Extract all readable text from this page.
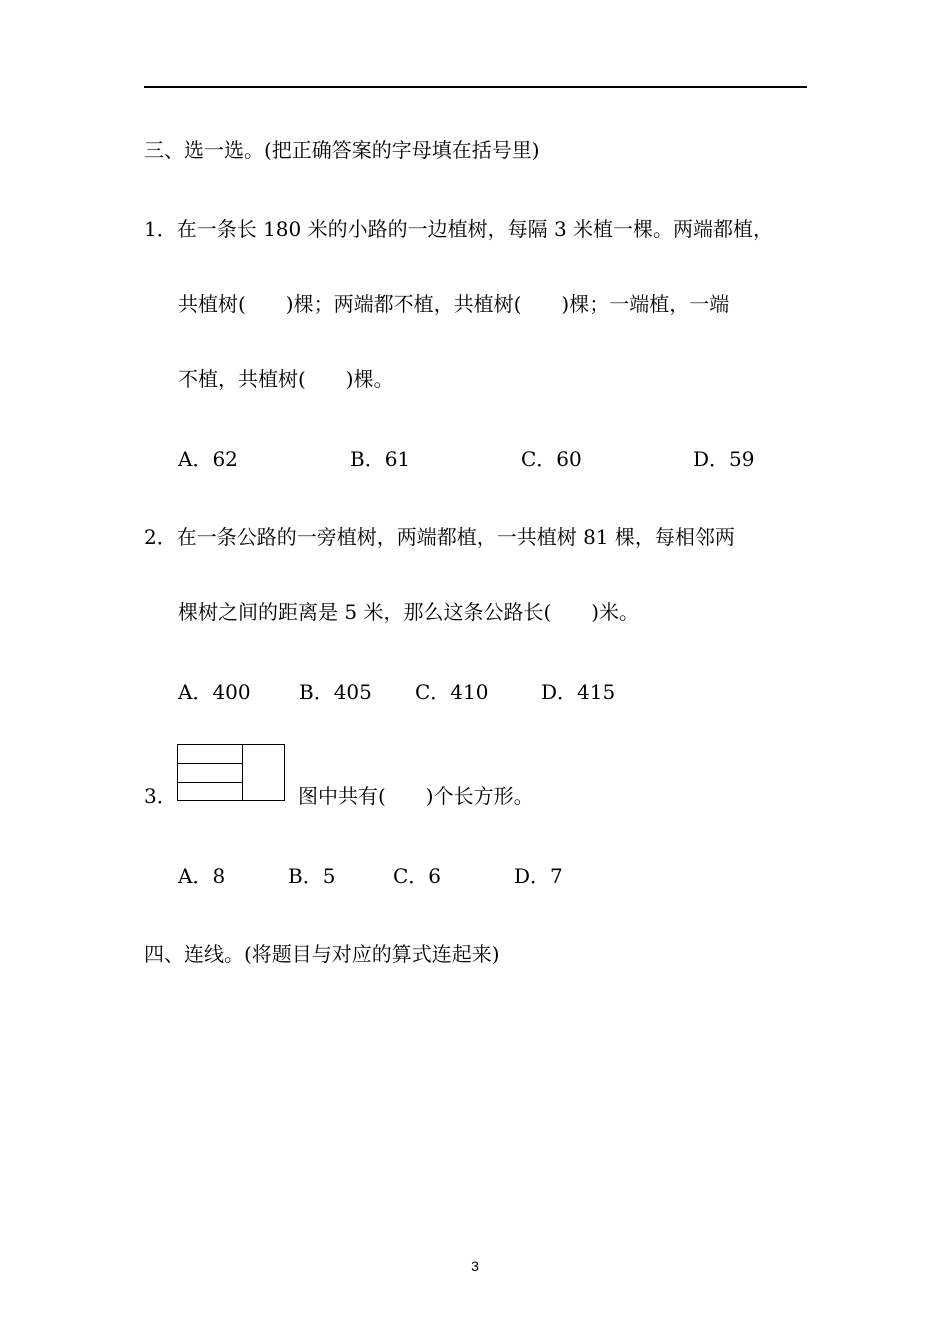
三、选一选。(把正确答案的字母填在括号里)
1．在一条长 180 米的小路的一边植树，每隔 3 米植一棵。两端都植，
共植树(　　)棵；两端都不植，共植树(　　)棵；一端植，一端
不植，共植树(　　)棵。
A．62	B．61	C．60	D．59
2．在一条公路的一旁植树，两端都植，一共植树 81 棵，每相邻两
棵树之间的距离是 5 米，那么这条公路长(　　)米。
A．400 B．405 C．410	D．415
3．	图中共有(　　)个长方形。
A．8	B．5	C．6	D．7
四、连线。(将题目与对应的算式连起来)
3
